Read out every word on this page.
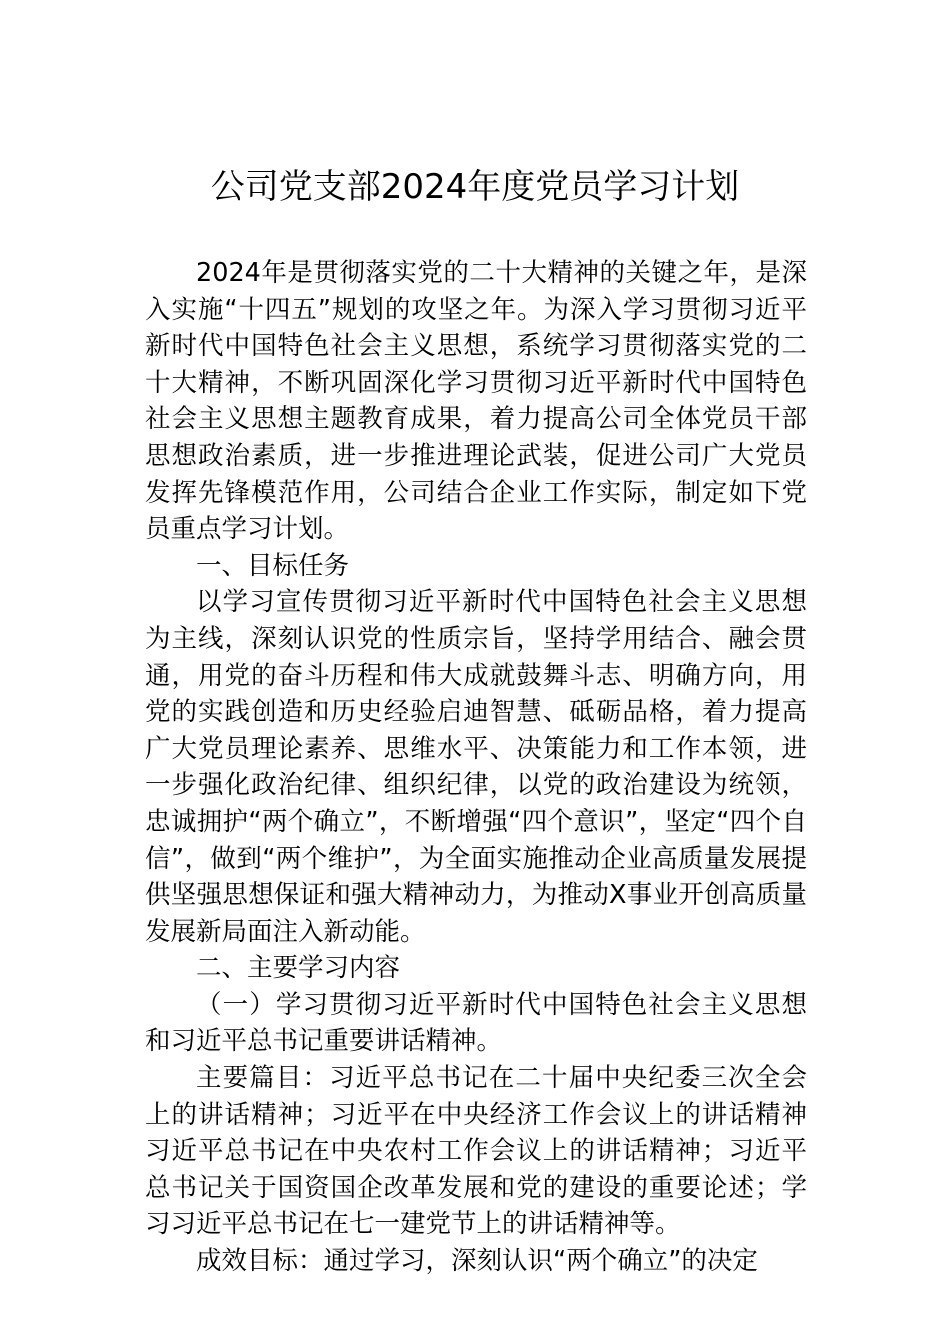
公司党支部2024年度党员学习计划

2024年是贯彻落实党的二十大精神的关键之年，是深入实施“十四五”规划的攻坚之年。为深入学习贯彻习近平新时代中国特色社会主义思想，系统学习贯彻落实党的二十大精神，不断巩固深化学习贯彻习近平新时代中国特色社会主义思想主题教育成果，着力提高公司全体党员干部思想政治素质，进一步推进理论武装，促进公司广大党员发挥先锋模范作用，公司结合企业工作实际，制定如下党员重点学习计划。

一、目标任务

以学习宣传贯彻习近平新时代中国特色社会主义思想为主线，深刻认识党的性质宗旨，坚持学用结合、融会贯通，用党的奋斗历程和伟大成就鼓舞斗志、明确方向，用党的实践创造和历史经验启迪智慧、砥砺品格，着力提高广大党员理论素养、思维水平、决策能力和工作本领，进一步强化政治纪律、组织纪律，以党的政治建设为统领，忠诚拥护“两个确立”，不断增强“四个意识”，坚定“四个自信”，做到“两个维护”，为全面实施推动企业高质量发展提供坚强思想保证和强大精神动力，为推动X事业开创高质量发展新局面注入新动能。

二、主要学习内容

（一）学习贯彻习近平新时代中国特色社会主义思想和习近平总书记重要讲话精神。

主要篇目：习近平总书记在二十届中央纪委三次全会上的讲话精神；习近平在中央经济工作会议上的讲话精神习近平总书记在中央农村工作会议上的讲话精神；习近平总书记关于国资国企改革发展和党的建设的重要论述；学习习近平总书记在七一建党节上的讲话精神等。

成效目标：通过学习，深刻认识“两个确立”的决定
